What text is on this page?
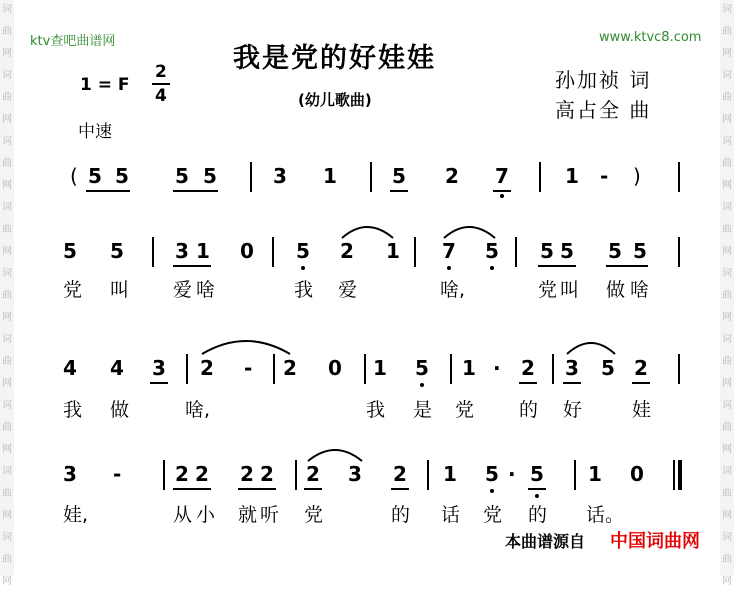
词
曲
网
词
曲
网
词
曲
网
词
曲
网
词
曲
网
词
曲
网
词
曲
网
词
曲
网
词
曲
网
词
曲
网
词
曲
网
词
曲
网
词
曲
网
词
曲
网
词
曲
网
词
曲
网
词
曲
网
词
曲
网
ktv查吧曲谱网	www.ktvc8.com
我是党的好娃娃
(幼儿歌曲)
1 = F
2
4
中速
孙加祯 词
高占全 曲
( 5 5 5 5	3 1	5 2 7	1 - )
5 5	3 1 0 5 2 1 7 5 5 5 5 5
党 叫 爱 啥	我 爱	啥,	党 叫 做 啥
4 4 3 2 - 2 0 1 5 1 · 2 3 5 2
我 做	啥,	我 是 党 的 好	娃
3 -	2 2 2 2 2 3 2 1 5 · 5 1 0
娃,	从 小 就 听 党	的 话 党 的 话。
本曲谱源自 中国词曲网
